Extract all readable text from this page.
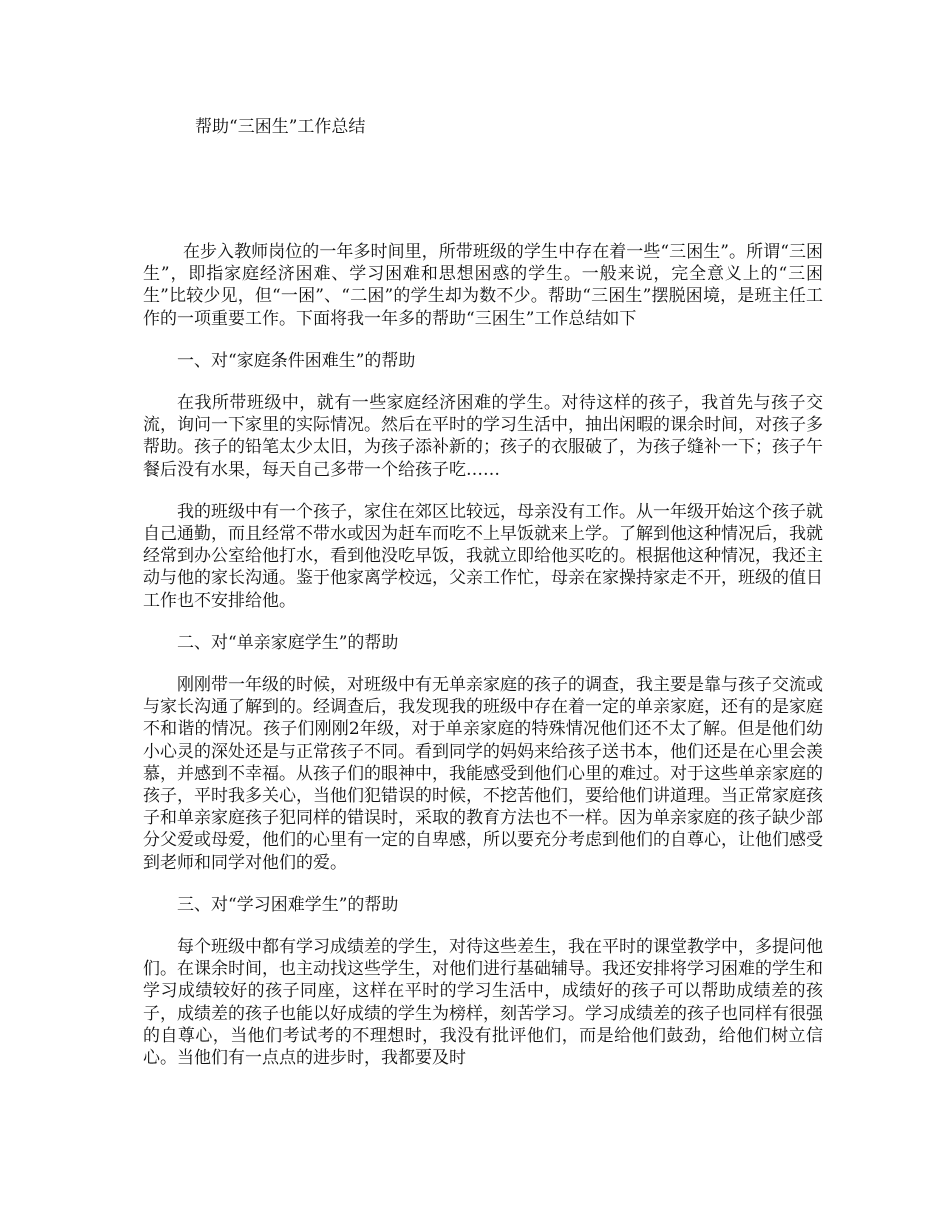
帮助“三困生”工作总结

在步入教师岗位的一年多时间里，所带班级的学生中存在着一些“三困生”。所谓“三困生”，即指家庭经济困难、学习困难和思想困惑的学生。一般来说，完全意义上的“三困生”比较少见，但“一困”、“二困”的学生却为数不少。帮助“三困生”摆脱困境，是班主任工作的一项重要工作。下面将我一年多的帮助“三困生”工作总结如下

一、对“家庭条件困难生”的帮助

在我所带班级中，就有一些家庭经济困难的学生。对待这样的孩子，我首先与孩子交流，询问一下家里的实际情况。然后在平时的学习生活中，抽出闲暇的课余时间，对孩子多帮助。孩子的铅笔太少太旧，为孩子添补新的；孩子的衣服破了，为孩子缝补一下；孩子午餐后没有水果，每天自己多带一个给孩子吃……

我的班级中有一个孩子，家住在郊区比较远，母亲没有工作。从一年级开始这个孩子就自己通勤，而且经常不带水或因为赶车而吃不上早饭就来上学。了解到他这种情况后，我就经常到办公室给他打水，看到他没吃早饭，我就立即给他买吃的。根据他这种情况，我还主动与他的家长沟通。鉴于他家离学校远，父亲工作忙，母亲在家操持家走不开，班级的值日工作也不安排给他。

二、对“单亲家庭学生”的帮助

刚刚带一年级的时候，对班级中有无单亲家庭的孩子的调查，我主要是靠与孩子交流或与家长沟通了解到的。经调查后，我发现我的班级中存在着一定的单亲家庭，还有的是家庭不和谐的情况。孩子们刚刚2年级，对于单亲家庭的特殊情况他们还不太了解。但是他们幼小心灵的深处还是与正常孩子不同。看到同学的妈妈来给孩子送书本，他们还是在心里会羡慕，并感到不幸福。从孩子们的眼神中，我能感受到他们心里的难过。对于这些单亲家庭的孩子，平时我多关心，当他们犯错误的时候，不挖苦他们，要给他们讲道理。当正常家庭孩子和单亲家庭孩子犯同样的错误时，采取的教育方法也不一样。因为单亲家庭的孩子缺少部分父爱或母爱，他们的心里有一定的自卑感，所以要充分考虑到他们的自尊心，让他们感受到老师和同学对他们的爱。

三、对“学习困难学生”的帮助

每个班级中都有学习成绩差的学生，对待这些差生，我在平时的课堂教学中，多提问他们。在课余时间，也主动找这些学生，对他们进行基础辅导。我还安排将学习困难的学生和学习成绩较好的孩子同座，这样在平时的学习生活中，成绩好的孩子可以帮助成绩差的孩子，成绩差的孩子也能以好成绩的学生为榜样，刻苦学习。学习成绩差的孩子也同样有很强的自尊心，当他们考试考的不理想时，我没有批评他们，而是给他们鼓劲，给他们树立信心。当他们有一点点的进步时，我都要及时
